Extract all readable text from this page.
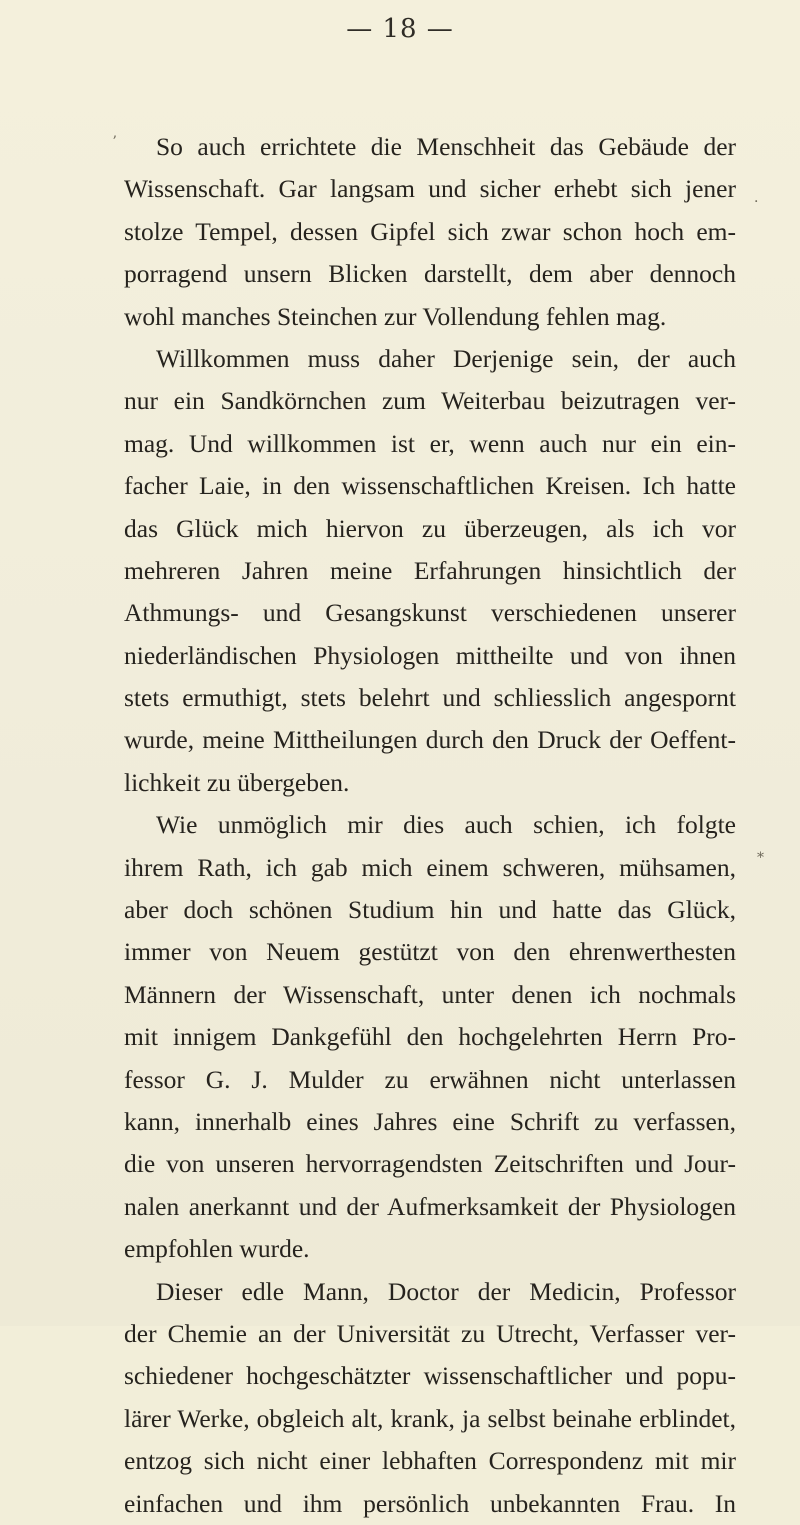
— 18 —
So auch errichtete die Menschheit das Gebäude der
Wissenschaft. Gar langsam und sicher erhebt sich jener
stolze Tempel, dessen Gipfel sich zwar schon hoch em-
porragend unsern Blicken darstellt, dem aber dennoch
wohl manches Steinchen zur Vollendung fehlen mag.
Willkommen muss daher Derjenige sein, der auch
nur ein Sandkörnchen zum Weiterbau beizutragen ver-
mag. Und willkommen ist er, wenn auch nur ein ein-
facher Laie, in den wissenschaftlichen Kreisen. Ich hatte
das Glück mich hiervon zu überzeugen, als ich vor
mehreren Jahren meine Erfahrungen hinsichtlich der
Athmungs- und Gesangskunst verschiedenen unserer
niederländischen Physiologen mittheilte und von ihnen
stets ermuthigt, stets belehrt und schliesslich angespornt
wurde, meine Mittheilungen durch den Druck der Oeffent-
lichkeit zu übergeben.
Wie unmöglich mir dies auch schien, ich folgte
ihrem Rath, ich gab mich einem schweren, mühsamen,
aber doch schönen Studium hin und hatte das Glück,
immer von Neuem gestützt von den ehrenwerthesten
Männern der Wissenschaft, unter denen ich nochmals
mit innigem Dankgefühl den hochgelehrten Herrn Pro-
fessor G. J. Mulder zu erwähnen nicht unterlassen
kann, innerhalb eines Jahres eine Schrift zu verfassen,
die von unseren hervorragendsten Zeitschriften und Jour-
nalen anerkannt und der Aufmerksamkeit der Physiologen
empfohlen wurde.
Dieser edle Mann, Doctor der Medicin, Professor
der Chemie an der Universität zu Utrecht, Verfasser ver-
schiedener hochgeschätzter wissenschaftlicher und popu-
lärer Werke, obgleich alt, krank, ja selbst beinahe erblindet,
entzog sich nicht einer lebhaften Correspondenz mit mir
einfachen und ihm persönlich unbekannten Frau. In
ʼ
·
*
